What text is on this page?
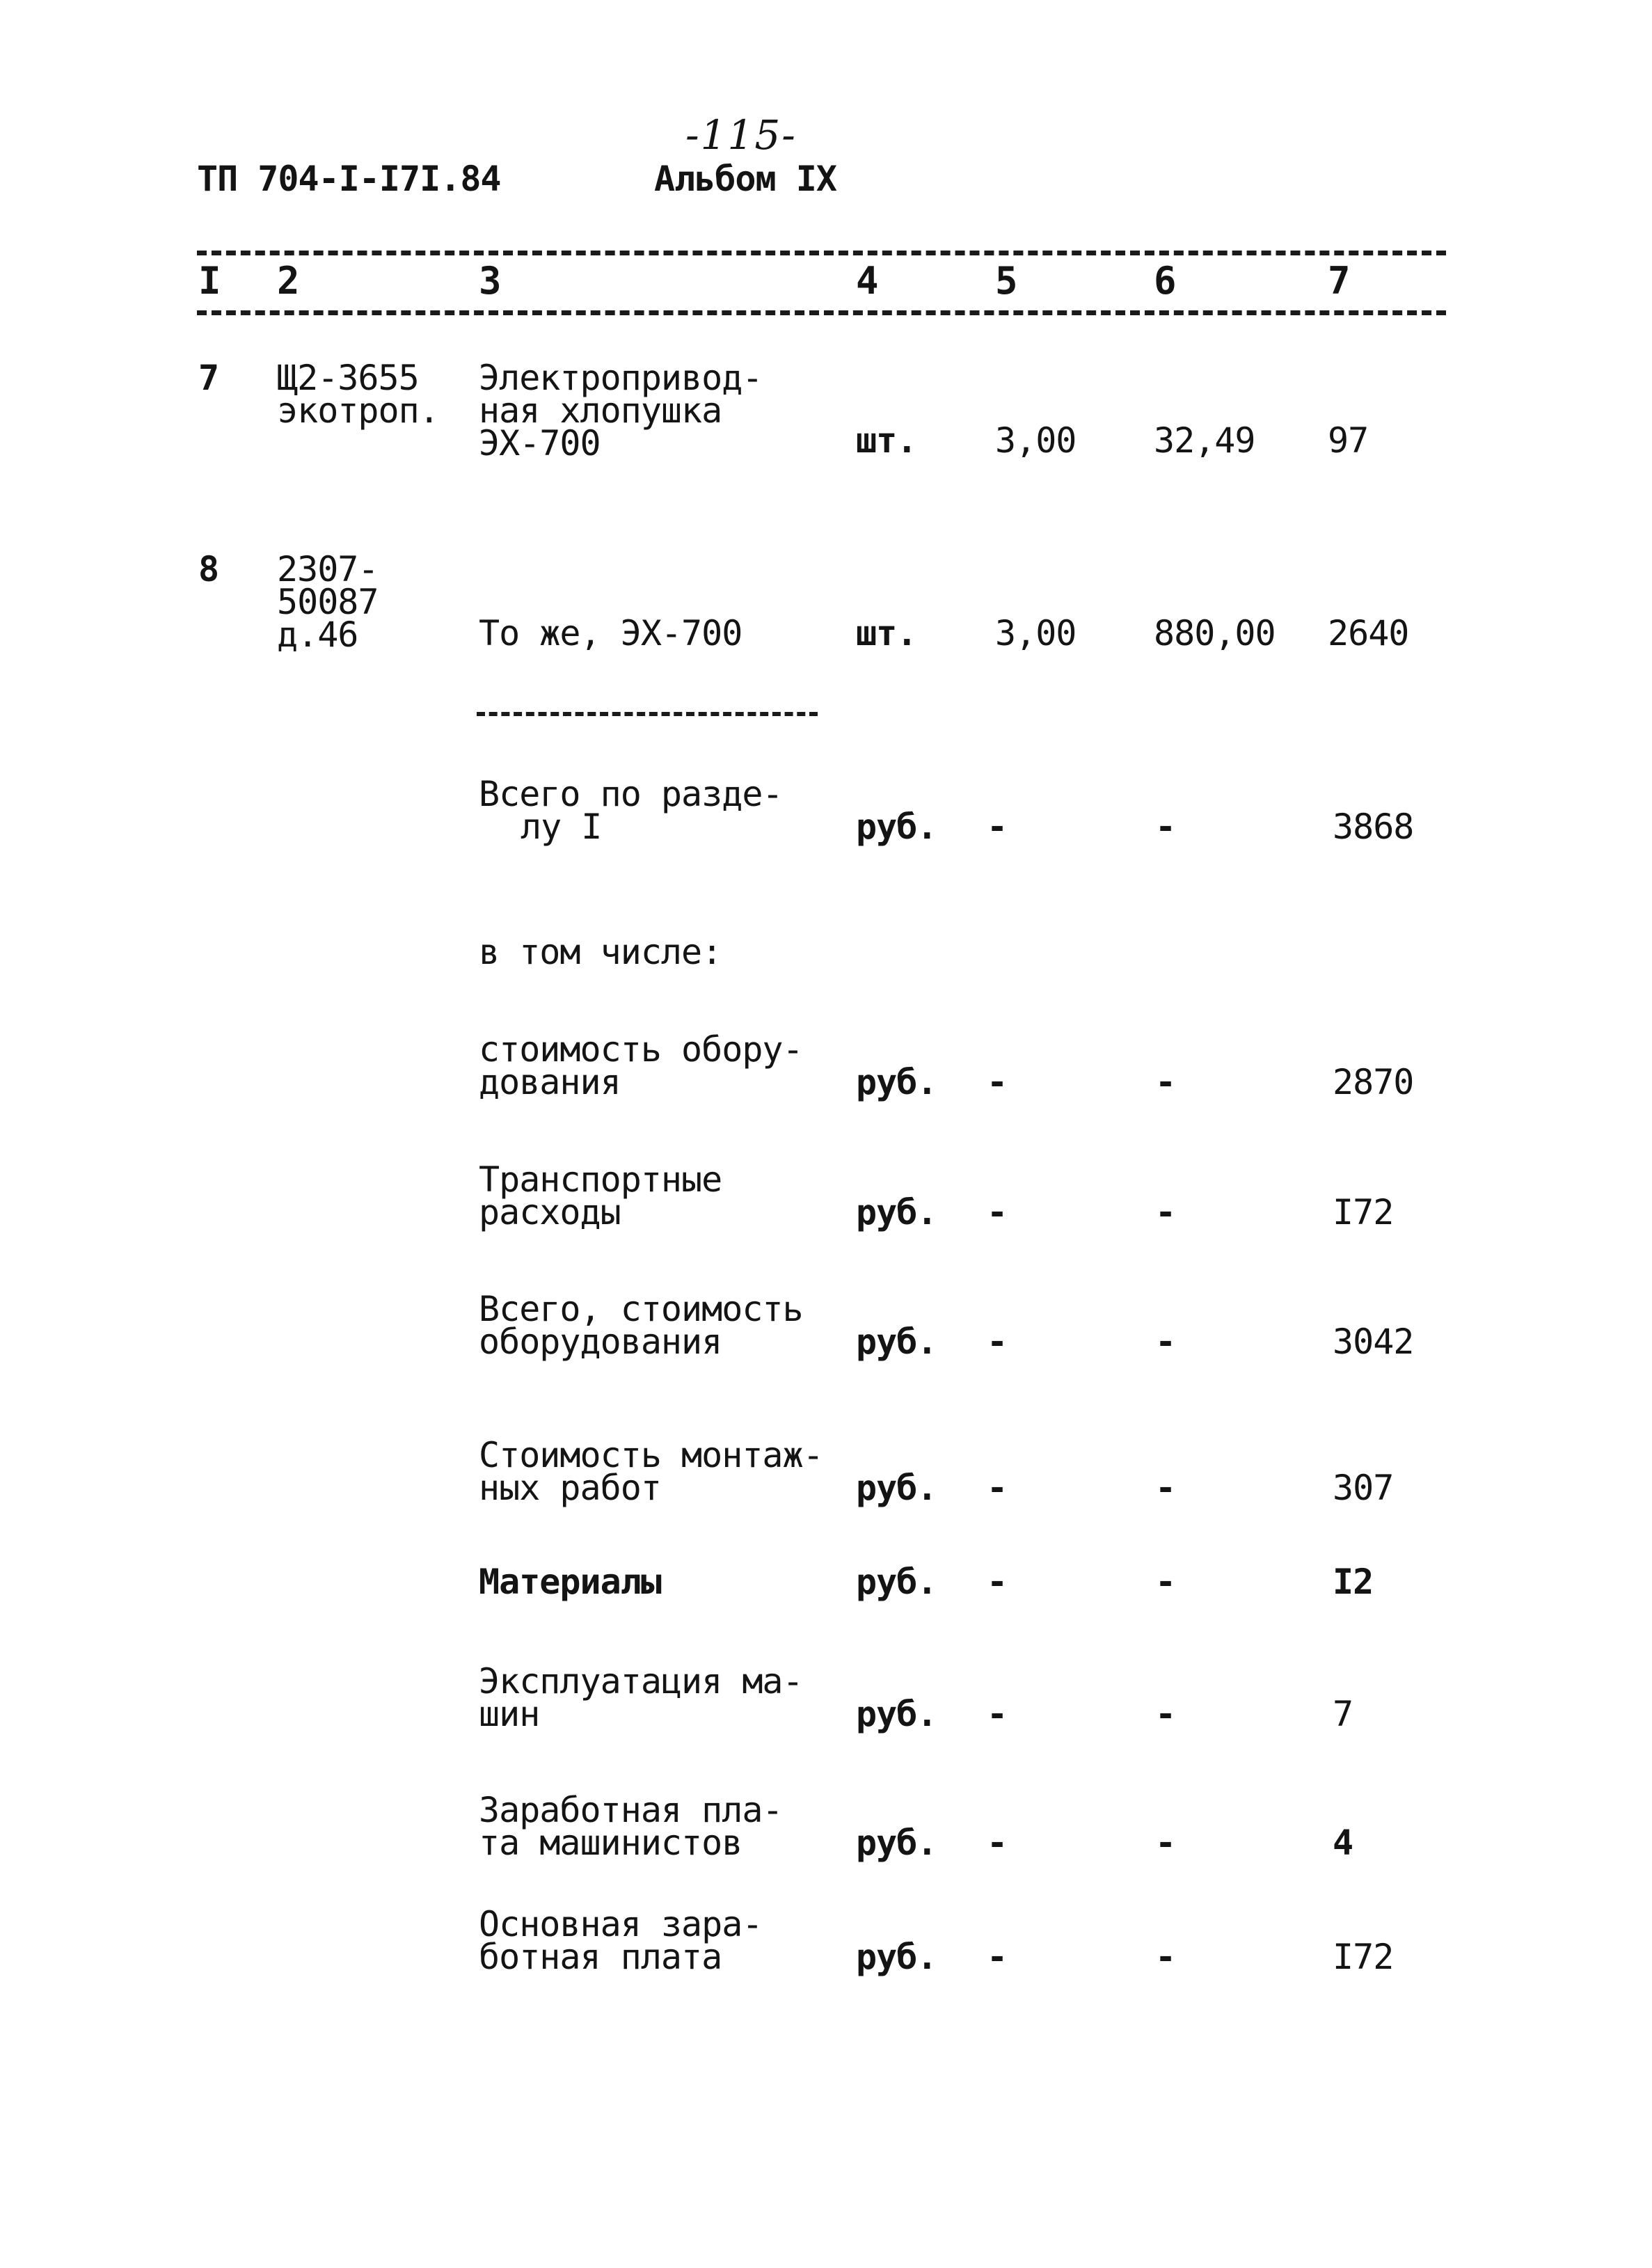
-115-
ТП 704-I-I7I.84	Альбом IX
I 2	3	4	5	6	7
7 Щ2-3655
экотроп.
Электропривод-
ная хлопушка
ЭХ-700	шт. 3,00 32,49 97
8 2307-
50087
д.46	То же, ЭХ-700	шт. 3,00 880,00 2640
Всего по разде-
лу I	руб. -	-	3868
в том числе:
стоимость обору-
дования	руб. -	-	2870
Транспортные
расходы	руб. -	-	I72
Всего, стоимость
оборудования	руб. -	-	3042
Стоимость монтаж-
ных работ	руб. -	-	307
Материалы	руб. -	-	I2
Эксплуатация ма-
шин	руб. -	-	7
Заработная пла-
та машинистов	руб. -	-	4
Основная зара-
ботная плата	руб. -	-	I72
